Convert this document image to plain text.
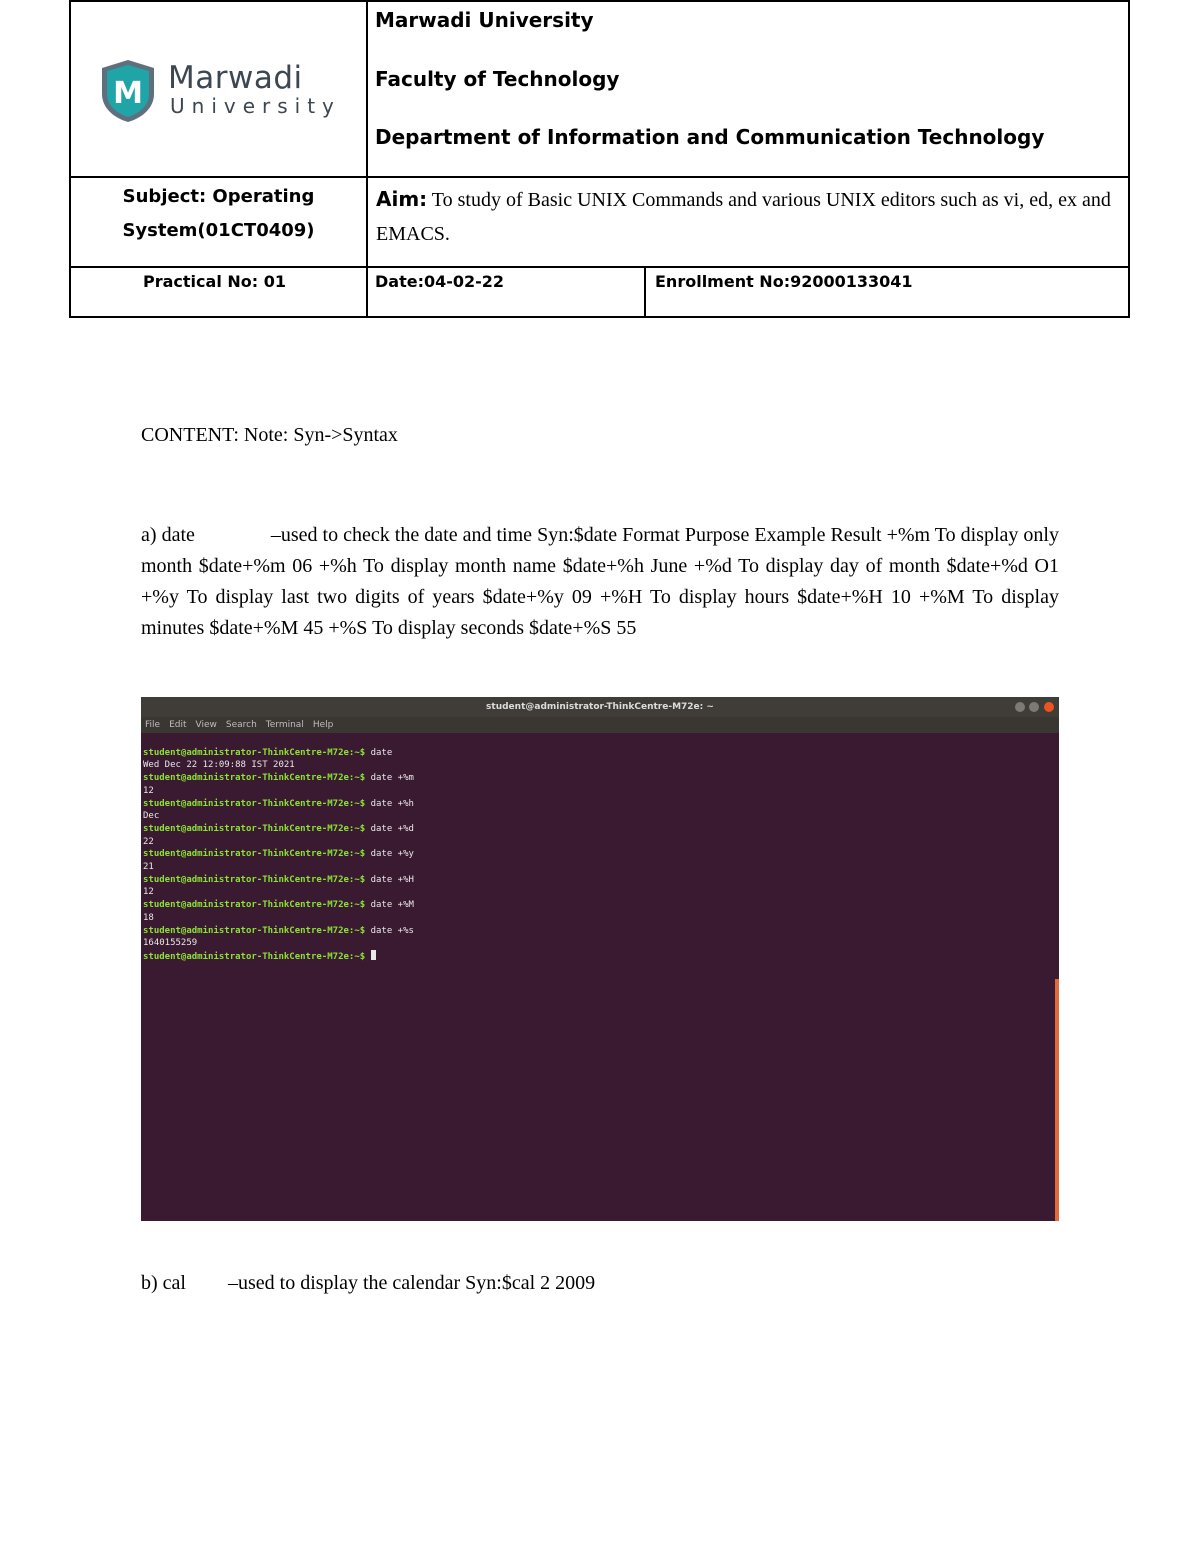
M Marwadi
University
Marwadi University
Faculty of Technology
Department of Information and Communication Technology
Subject: Operating System(01CT0409)
Aim: To study of Basic UNIX Commands and various UNIX editors such as vi, ed, ex and EMACS.
Practical No: 01	Date:04-02-22	Enrollment No:92000133041
CONTENT: Note: Syn->Syntax
a) date	–used to check the date and time Syn:$date Format Purpose Example Result +%m To display only month $date+%m 06 +%h To display month name $date+%h June +%d To display day of month $date+%d O1 +%y To display last two digits of years $date+%y 09 +%H To display hours $date+%H 10 +%M To display minutes $date+%M 45 +%S To display seconds $date+%S 55
student@administrator-ThinkCentre-M72e: ~
File Edit View Search Terminal Help

student@administrator-ThinkCentre-M72e:~$ date
Wed Dec 22 12:09:88 IST 2021
student@administrator-ThinkCentre-M72e:~$ date +%m
12
student@administrator-ThinkCentre-M72e:~$ date +%h
Dec
student@administrator-ThinkCentre-M72e:~$ date +%d
22
student@administrator-ThinkCentre-M72e:~$ date +%y
21
student@administrator-ThinkCentre-M72e:~$ date +%H
12
student@administrator-ThinkCentre-M72e:~$ date +%M
18
student@administrator-ThinkCentre-M72e:~$ date +%s
1640155259
student@administrator-ThinkCentre-M72e:~$

b) cal –used to display the calendar Syn:$cal 2 2009
